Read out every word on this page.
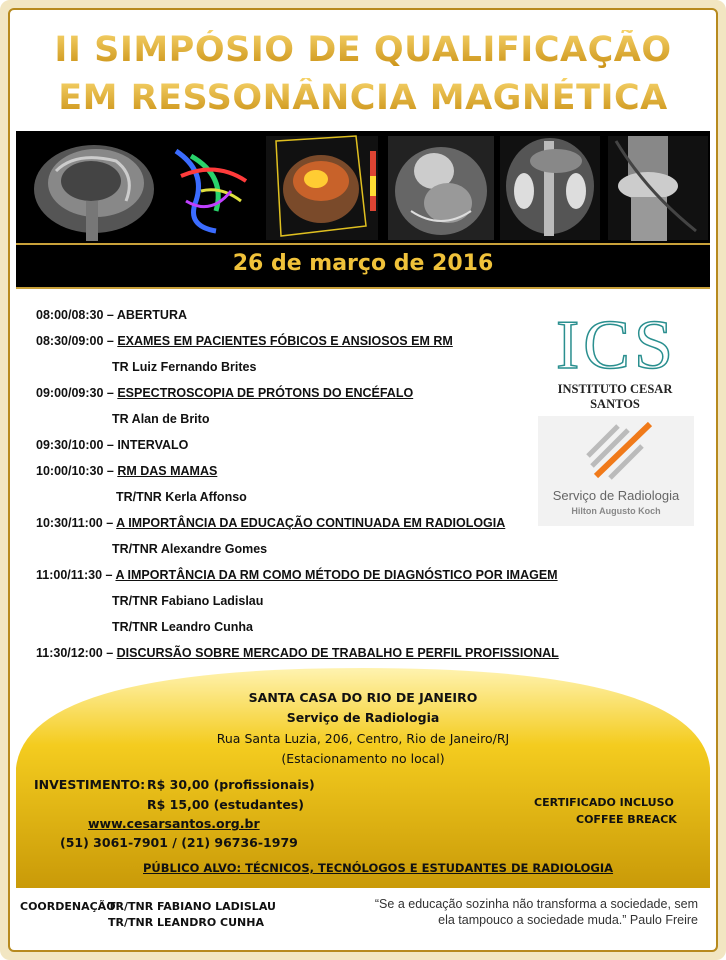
II SIMPÓSIO DE QUALIFICAÇÃO
EM RESSONÂNCIA MAGNÉTICA
26 de março de 2016
08:00/08:30 – ABERTURA
08:30/09:00 – EXAMES EM PACIENTES FÓBICOS E ANSIOSOS EM RM
TR Luiz Fernando Brites
09:00/09:30 – ESPECTROSCOPIA DE PRÓTONS DO ENCÉFALO
TR Alan de Brito
09:30/10:00 – INTERVALO
10:00/10:30 – RM DAS MAMAS
TR/TNR Kerla Affonso
10:30/11:00 – A IMPORTÂNCIA DA EDUCAÇÃO CONTINUADA EM RADIOLOGIA
TR/TNR Alexandre Gomes
11:00/11:30 – A IMPORTÂNCIA DA RM COMO MÉTODO DE DIAGNÓSTICO POR IMAGEM
TR/TNR Fabiano Ladislau
TR/TNR Leandro Cunha
11:30/12:00 – DISCURSÃO SOBRE MERCADO DE TRABALHO E PERFIL PROFISSIONAL
ICS
INSTITUTO CESAR SANTOS
Serviço de Radiologia
Hilton Augusto Koch
SANTA CASA DO RIO DE JANEIRO
Serviço de Radiologia
Rua Santa Luzia, 206, Centro, Rio de Janeiro/RJ
(Estacionamento no local)
INVESTIMENTO: R$ 30,00 (profissionais)
R$ 15,00 (estudantes)
www.cesarsantos.org.br
(51) 3061-7901 / (21) 96736-1979
CERTIFICADO INCLUSO
COFFEE BREACK
PÚBLICO ALVO: TÉCNICOS, TECNÓLOGOS E ESTUDANTES DE RADIOLOGIA
COORDENAÇÃO:
TR/TNR FABIANO LADISLAU
TR/TNR LEANDRO CUNHA
“Se a educação sozinha não transforma a sociedade, sem
ela tampouco a sociedade muda.” Paulo Freire
